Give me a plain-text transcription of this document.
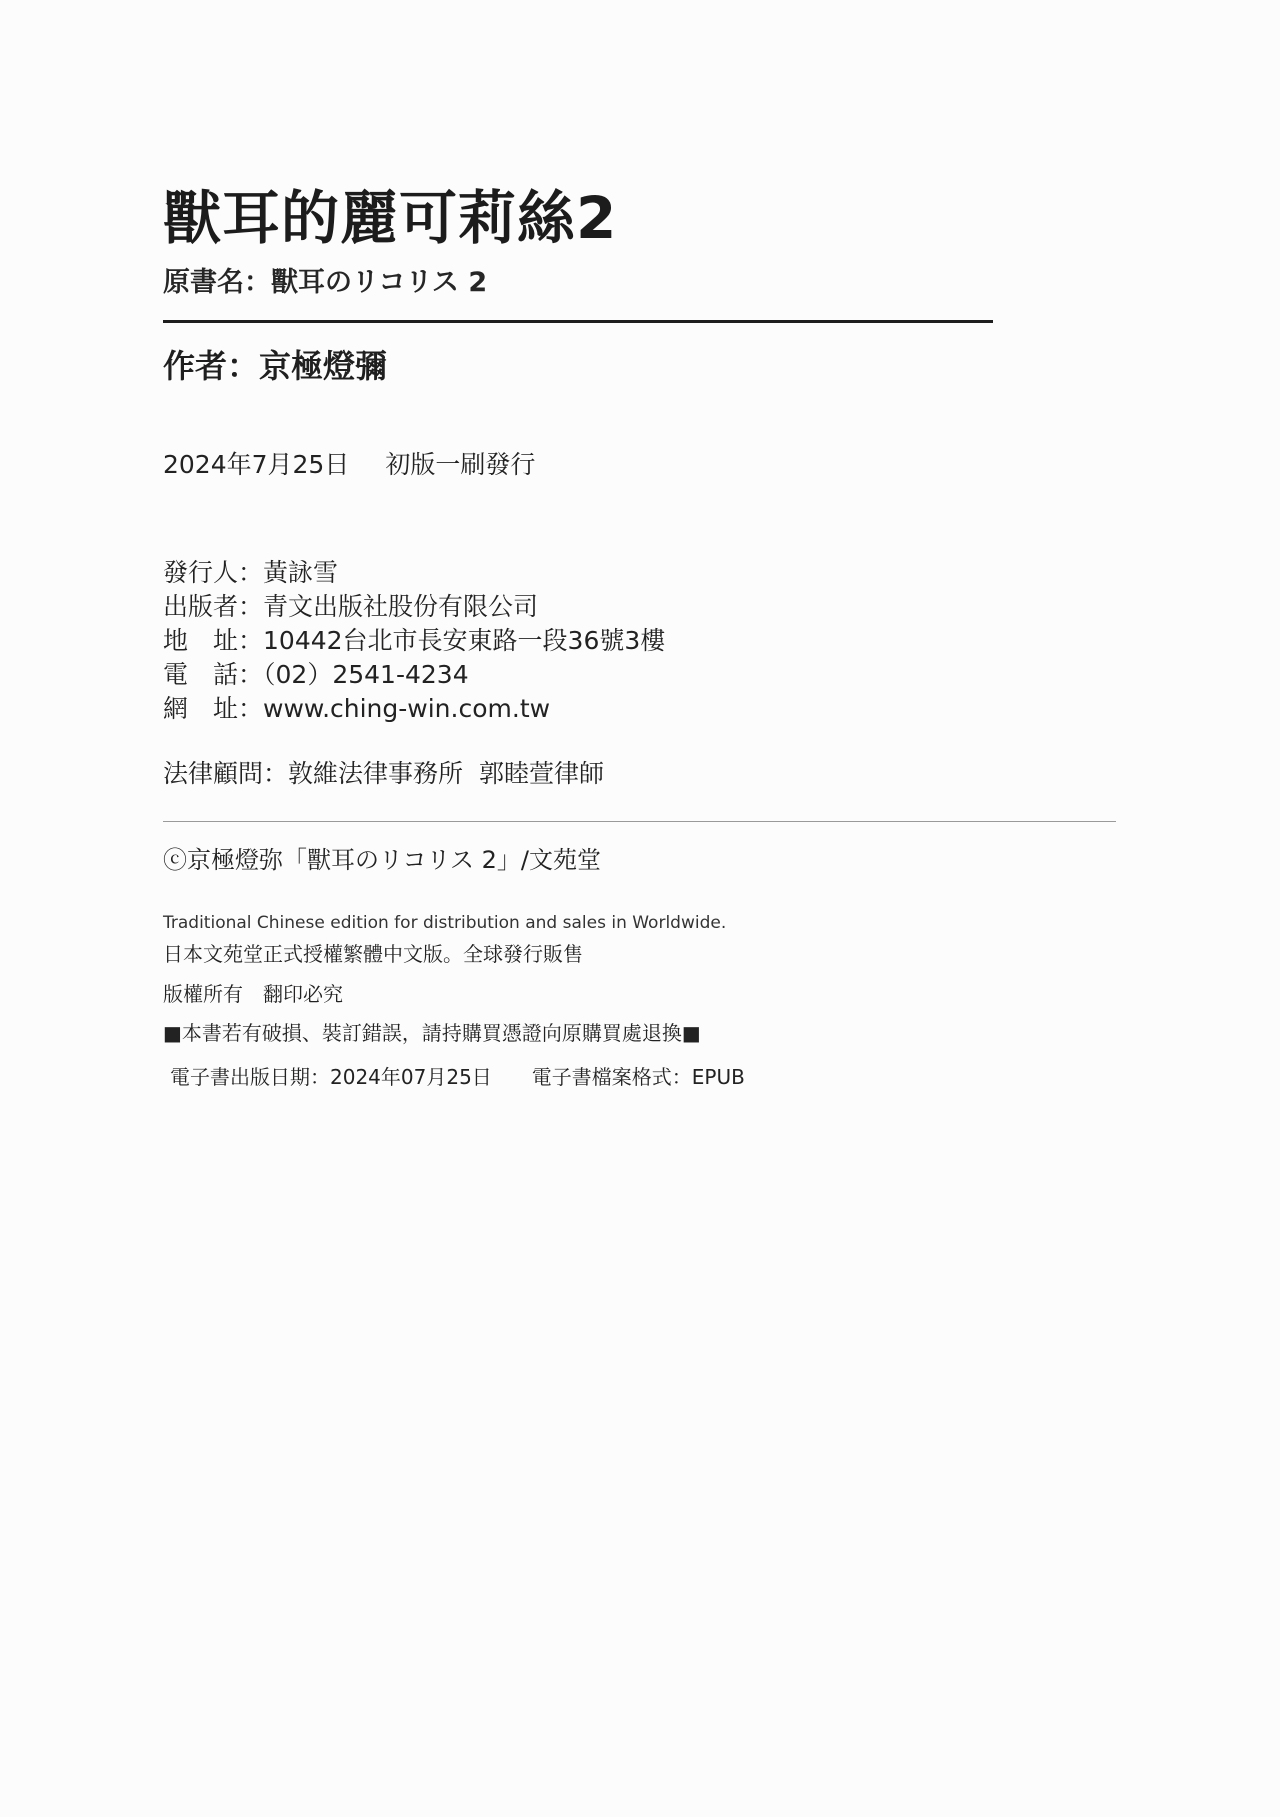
獸耳的麗可莉絲2
原書名：獸耳のリコリス 2
作者：京極燈彌
2024年7月25日 初版一刷發行
發行人：黃詠雪
出版者：青文出版社股份有限公司
地　址：10442台北市長安東路一段36號3樓
電　話：（02）2541-4234
網　址：www.ching-win.com.tw
法律顧問：敦維法律事務所 郭睦萱律師
ⓒ京極燈弥「獸耳のリコリス 2」/文苑堂
Traditional Chinese edition for distribution and sales in Worldwide.
日本文苑堂正式授權繁體中文版。全球發行販售
版權所有 翻印必究
■本書若有破損、裝訂錯誤，請持購買憑證向原購買處退換■
電子書出版日期：2024年07月25日 電子書檔案格式：EPUB
